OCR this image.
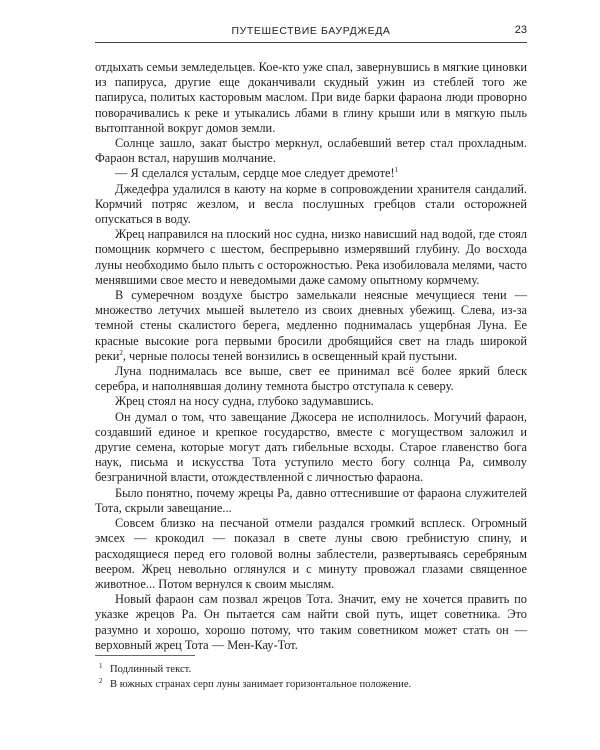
ПУТЕШЕСТВИЕ БАУРДЖЕДА	23

отдыхать семьи земледельцев. Кое-кто уже спал, завернувшись в мягкие циновки из папируса, другие еще доканчивали скудный ужин из стеблей того же папируса, политых касторовым маслом. При виде барки фараона люди проворно поворачивались к реке и утыкались лбами в глину крыши или в мягкую пыль вытоптанной вокруг домов земли.

Солнце зашло, закат быстро меркнул, ослабевший ветер стал прохладным. Фараон встал, нарушив молчание.

— Я сделался усталым, сердце мое следует дремоте!$^1$

Джедефра удалился в каюту на корме в сопровождении хранителя сандалий. Кормчий потряс жезлом, и весла послушных гребцов стали осторожней опускаться в воду.

Жрец направился на плоский нос судна, низко нависший над водой, где стоял помощник кормчего с шестом, беспрерывно измерявший глубину. До восхода луны необходимо было плыть с осторожностью. Река изобиловала мелями, часто менявшими свое место и неведомыми даже самому опытному кормчему.

В сумеречном воздухе быстро замелькали неясные мечущиеся тени — множество летучих мышей вылетело из своих дневных убежищ. Слева, из-за темной стены скалистого берега, медленно поднималась ущербная Луна. Ее красные высокие рога первыми бросили дробящийся свет на гладь широкой реки$^2$, черные полосы теней вонзились в освещенный край пустыни.

Луна поднималась все выше, свет ее принимал всё более яркий блеск серебра, и наполнявшая долину темнота быстро отступала к северу.

Жрец стоял на носу судна, глубоко задумавшись.

Он думал о том, что завещание Джосера не исполнилось. Могучий фараон, создавший единое и крепкое государство, вместе с могуществом заложил и другие семена, которые могут дать гибельные всходы. Старое главенство бога наук, письма и искусства Тота уступило место богу солнца Ра, символу безграничной власти, отождествленной с личностью фараона.

Было понятно, почему жрецы Ра, давно оттеснившие от фараона служителей Тота, скрыли завещание...

Совсем близко на песчаной отмели раздался громкий всплеск. Огромный эмсех — крокодил — показал в свете луны свою гребнистую спину, и расходящиеся перед его головой волны заблестели, развертываясь серебряным веером. Жрец невольно оглянулся и с минуту провожал глазами священное животное... Потом вернулся к своим мыслям.

Новый фараон сам позвал жрецов Тота. Значит, ему не хочется править по указке жрецов Ра. Он пытается сам найти свой путь, ищет советника. Это разумно и хорошо, хорошо потому, что таким советником может стать он — верховный жрец Тота — Мен-Кау-Тот.

1 Подлинный текст.
2 В южных странах серп луны занимает горизонтальное положение.
